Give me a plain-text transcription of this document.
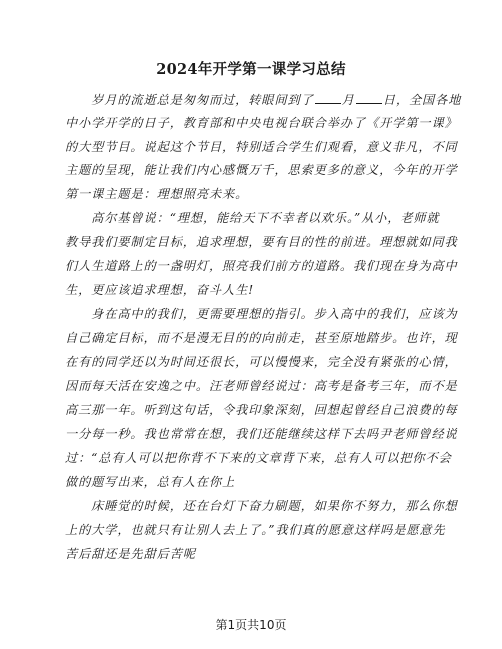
2024年开学第一课学习总结
　　岁月的流逝总是匆匆而过，转眼间到了 月 日，全国各地
中小学开学的日子，教育部和中央电视台联合举办了《开学第一课》
的大型节目。说起这个节目，特别适合学生们观看，意义非凡，不同
主题的呈现，能让我们内心感慨万千，思索更多的意义，今年的开学
第一课主题是：理想照亮未来。
　　高尔基曾说：“理想，能给天下不幸者以欢乐。”从小，老师就
教导我们要制定目标，追求理想，要有目的性的前进。理想就如同我
们人生道路上的一盏明灯，照亮我们前方的道路。我们现在身为高中
生，更应该追求理想，奋斗人生!
　　身在高中的我们，更需要理想的指引。步入高中的我们，应该为
自己确定目标，而不是漫无目的的向前走，甚至原地踏步。也许，现
在有的同学还以为时间还很长，可以慢慢来，完全没有紧张的心情，
因而每天活在安逸之中。汪老师曾经说过：高考是备考三年，而不是
高三那一年。听到这句话，令我印象深刻，回想起曾经自己浪费的每
一分每一秒。我也常常在想，我们还能继续这样下去吗尹老师曾经说
过：“总有人可以把你背不下来的文章背下来，总有人可以把你不会
做的题写出来，总有人在你上
　　床睡觉的时候，还在台灯下奋力刷题，如果你不努力，那么你想
上的大学，也就只有让别人去上了。”我们真的愿意这样吗是愿意先
苦后甜还是先甜后苦呢
第1页共10页
